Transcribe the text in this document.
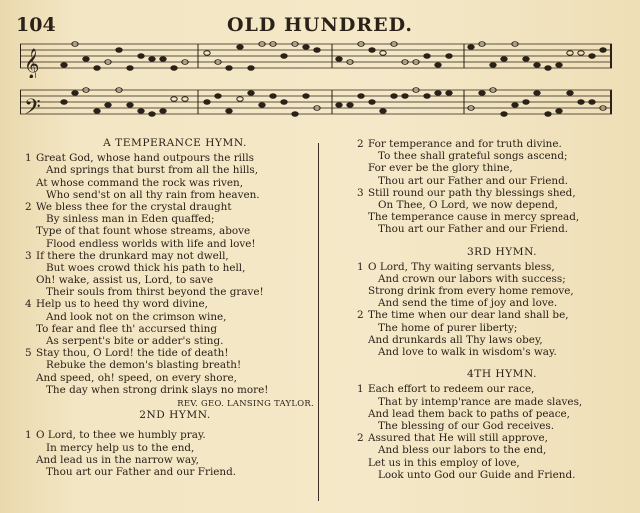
104	OLD HUNDRED.
𝄞
𝄢
A TEMPERANCE HYMN.
1 Great God, whose hand outpours the rills
And springs that burst from all the hills,
At whose command the rock was riven,
Who send'st on all thy rain from heaven.
2 We bless thee for the crystal draught
By sinless man in Eden quaffed;
Type of that fount whose streams, above
Flood endless worlds with life and love!
3 If there the drunkard may not dwell,
But woes crowd thick his path to hell,
Oh! wake, assist us, Lord, to save
Their souls from thirst beyond the grave!
4 Help us to heed thy word divine,
And look not on the crimson wine,
To fear and flee th' accursed thing
As serpent's bite or adder's sting.
5 Stay thou, O Lord! the tide of death!
Rebuke the demon's blasting breath!
And speed, oh! speed, on every shore,
The day when strong drink slays no more!
REV. GEO. LANSING TAYLOR.
2ND HYMN.
1 O Lord, to thee we humbly pray.
In mercy help us to the end,
And lead us in the narrow way,
Thou art our Father and our Friend.
2 For temperance and for truth divine.
To thee shall grateful songs ascend;
For ever be the glory thine,
Thou art our Father and our Friend.
3 Still round our path thy blessings shed,
On Thee, O Lord, we now depend,
The temperance cause in mercy spread,
Thou art our Father and our Friend.
3RD HYMN.
1 O Lord, Thy waiting servants bless,
And crown our labors with success;
Strong drink from every home remove,
And send the time of joy and love.
2 The time when our dear land shall be,
The home of purer liberty;
And drunkards all Thy laws obey,
And love to walk in wisdom's way.
4TH HYMN.
1 Each effort to redeem our race,
That by intemp'rance are made slaves,
And lead them back to paths of peace,
The blessing of our God receives.
2 Assured that He will still approve,
And bless our labors to the end,
Let us in this employ of love,
Look unto God our Guide and Friend.
